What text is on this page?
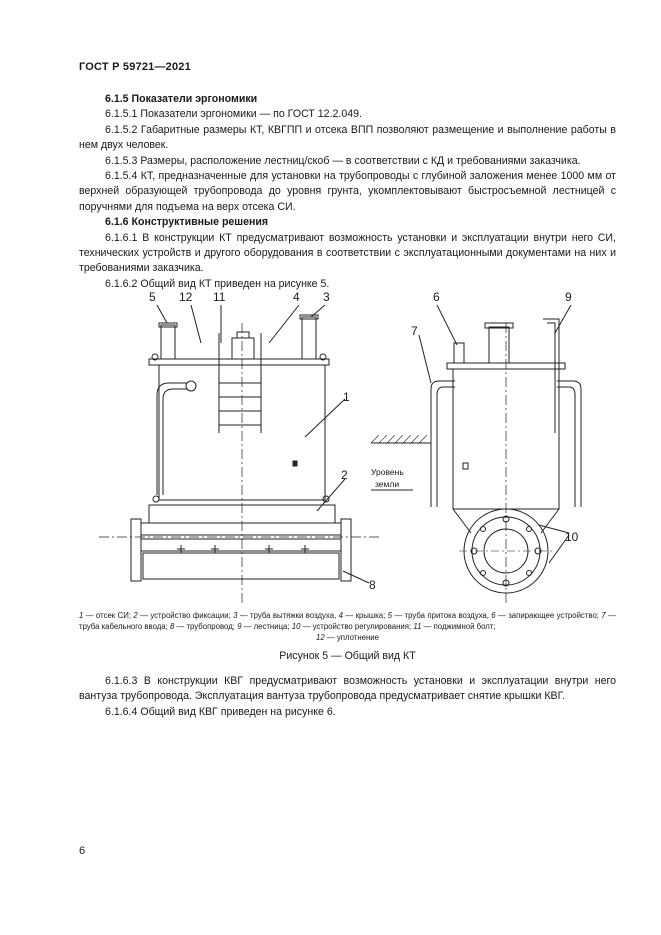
ГОСТ Р 59721—2021

6.1.5 Показатели эргономики

6.1.5.1 Показатели эргономики — по ГОСТ 12.2.049.

6.1.5.2 Габаритные размеры КТ, КВГПП и отсека ВПП позволяют размещение и выполнение работы в нем двух человек.

6.1.5.3 Размеры, расположение лестниц/скоб — в соответствии с КД и требованиями заказчика.

6.1.5.4 КТ, предназначенные для установки на трубопроводы с глубиной заложения менее 1000 мм от верхней образующей трубопровода до уровня грунта, укомплектовывают быстросъемной лестницей с поручнями для подъема на верх отсека СИ.

6.1.6 Конструктивные решения

6.1.6.1 В конструкции КТ предусматривают возможность установки и эксплуатации внутри него СИ, технических устройств и другого оборудования в соответствии с эксплуатационными документами на них и требованиями заказчика.

6.1.6.2 Общий вид КТ приведен на рисунке 5.

5 12 11	4 3
1
2
8
6
7
9
10
Уровень
земли
1 — отсек СИ; 2 — устройство фиксации; 3 — труба вытяжки воздуха, 4 — крышка; 5 — труба притока воздуха, 6 — запирающее устройство; 7 — труба кабельного ввода; 8 — трубопровод; 9 — лестница; 10 — устройство регулирования; 11 — поджимной болт;
12 — уплотнение
Рисунок 5 — Общий вид КТ

6.1.6.3 В конструкции КВГ предусматривают возможность установки и эксплуатации внутри него вантуза трубопровода. Эксплуатация вантуза трубопровода предусматривает снятие крышки КВГ.

6.1.6.4 Общий вид КВГ приведен на рисунке 6.

6
